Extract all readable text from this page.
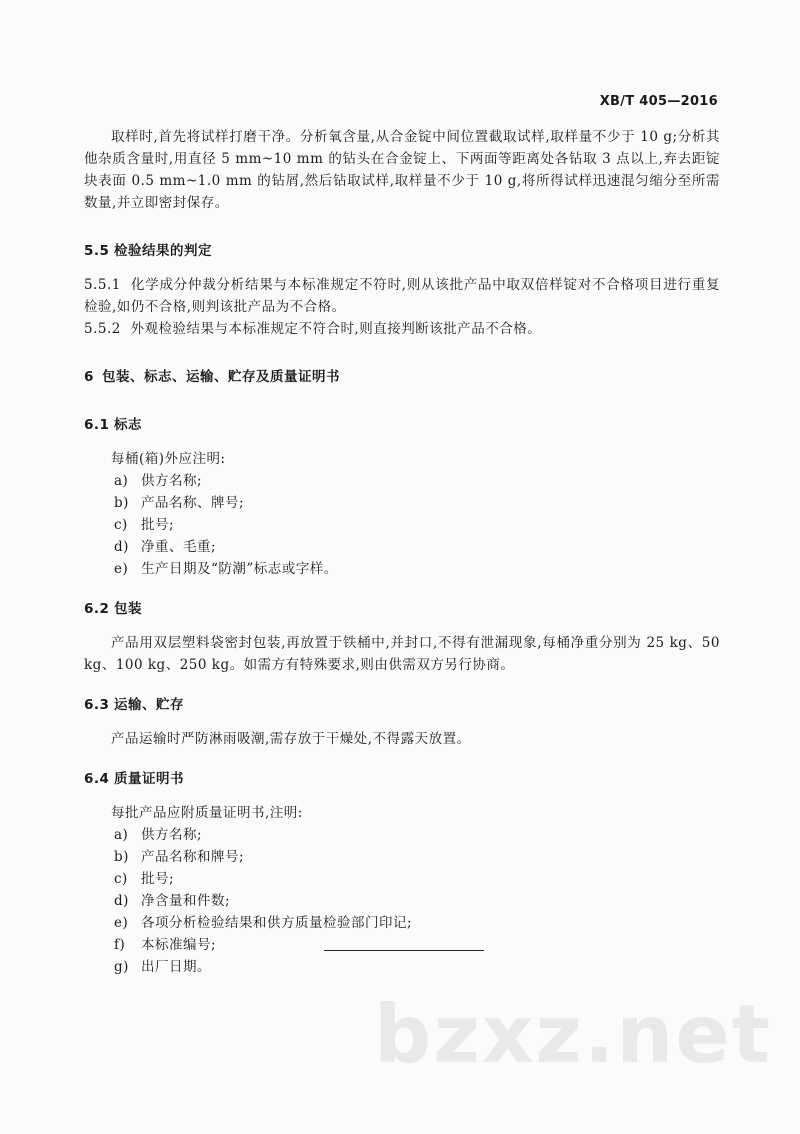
XB/T 405—2016

取样时,首先将试样打磨干净。分析氧含量,从合金锭中间位置截取试样,取样量不少于 10 g;分析其他杂质含量时,用直径 5 mm~10 mm 的钻头在合金锭上、下两面等距离处各钻取 3 点以上,弃去距锭块表面 0.5 mm~1.0 mm 的钻屑,然后钻取试样,取样量不少于 10 g,将所得试样迅速混匀缩分至所需数量,并立即密封保存。

5.5 检验结果的判定

5.5.1 化学成分仲裁分析结果与本标准规定不符时,则从该批产品中取双倍样锭对不合格项目进行重复检验,如仍不合格,则判该批产品为不合格。

5.5.2 外观检验结果与本标准规定不符合时,则直接判断该批产品不合格。

6 包装、标志、运输、贮存及质量证明书
6.1 标志

每桶(箱)外应注明:

a) 供方名称;
b) 产品名称、牌号;
c) 批号;
d) 净重、毛重;
e) 生产日期及“防潮”标志或字样。
6.2 包装

产品用双层塑料袋密封包装,再放置于铁桶中,并封口,不得有泄漏现象,每桶净重分别为 25 kg、50 kg、100 kg、250 kg。如需方有特殊要求,则由供需双方另行协商。

6.3 运输、贮存

产品运输时严防淋雨吸潮,需存放于干燥处,不得露天放置。

6.4 质量证明书

每批产品应附质量证明书,注明:

a) 供方名称;
b) 产品名称和牌号;
c) 批号;
d) 净含量和件数;
e) 各项分析检验结果和供方质量检验部门印记;
f) 本标准编号;
g) 出厂日期。
bzxz.net
